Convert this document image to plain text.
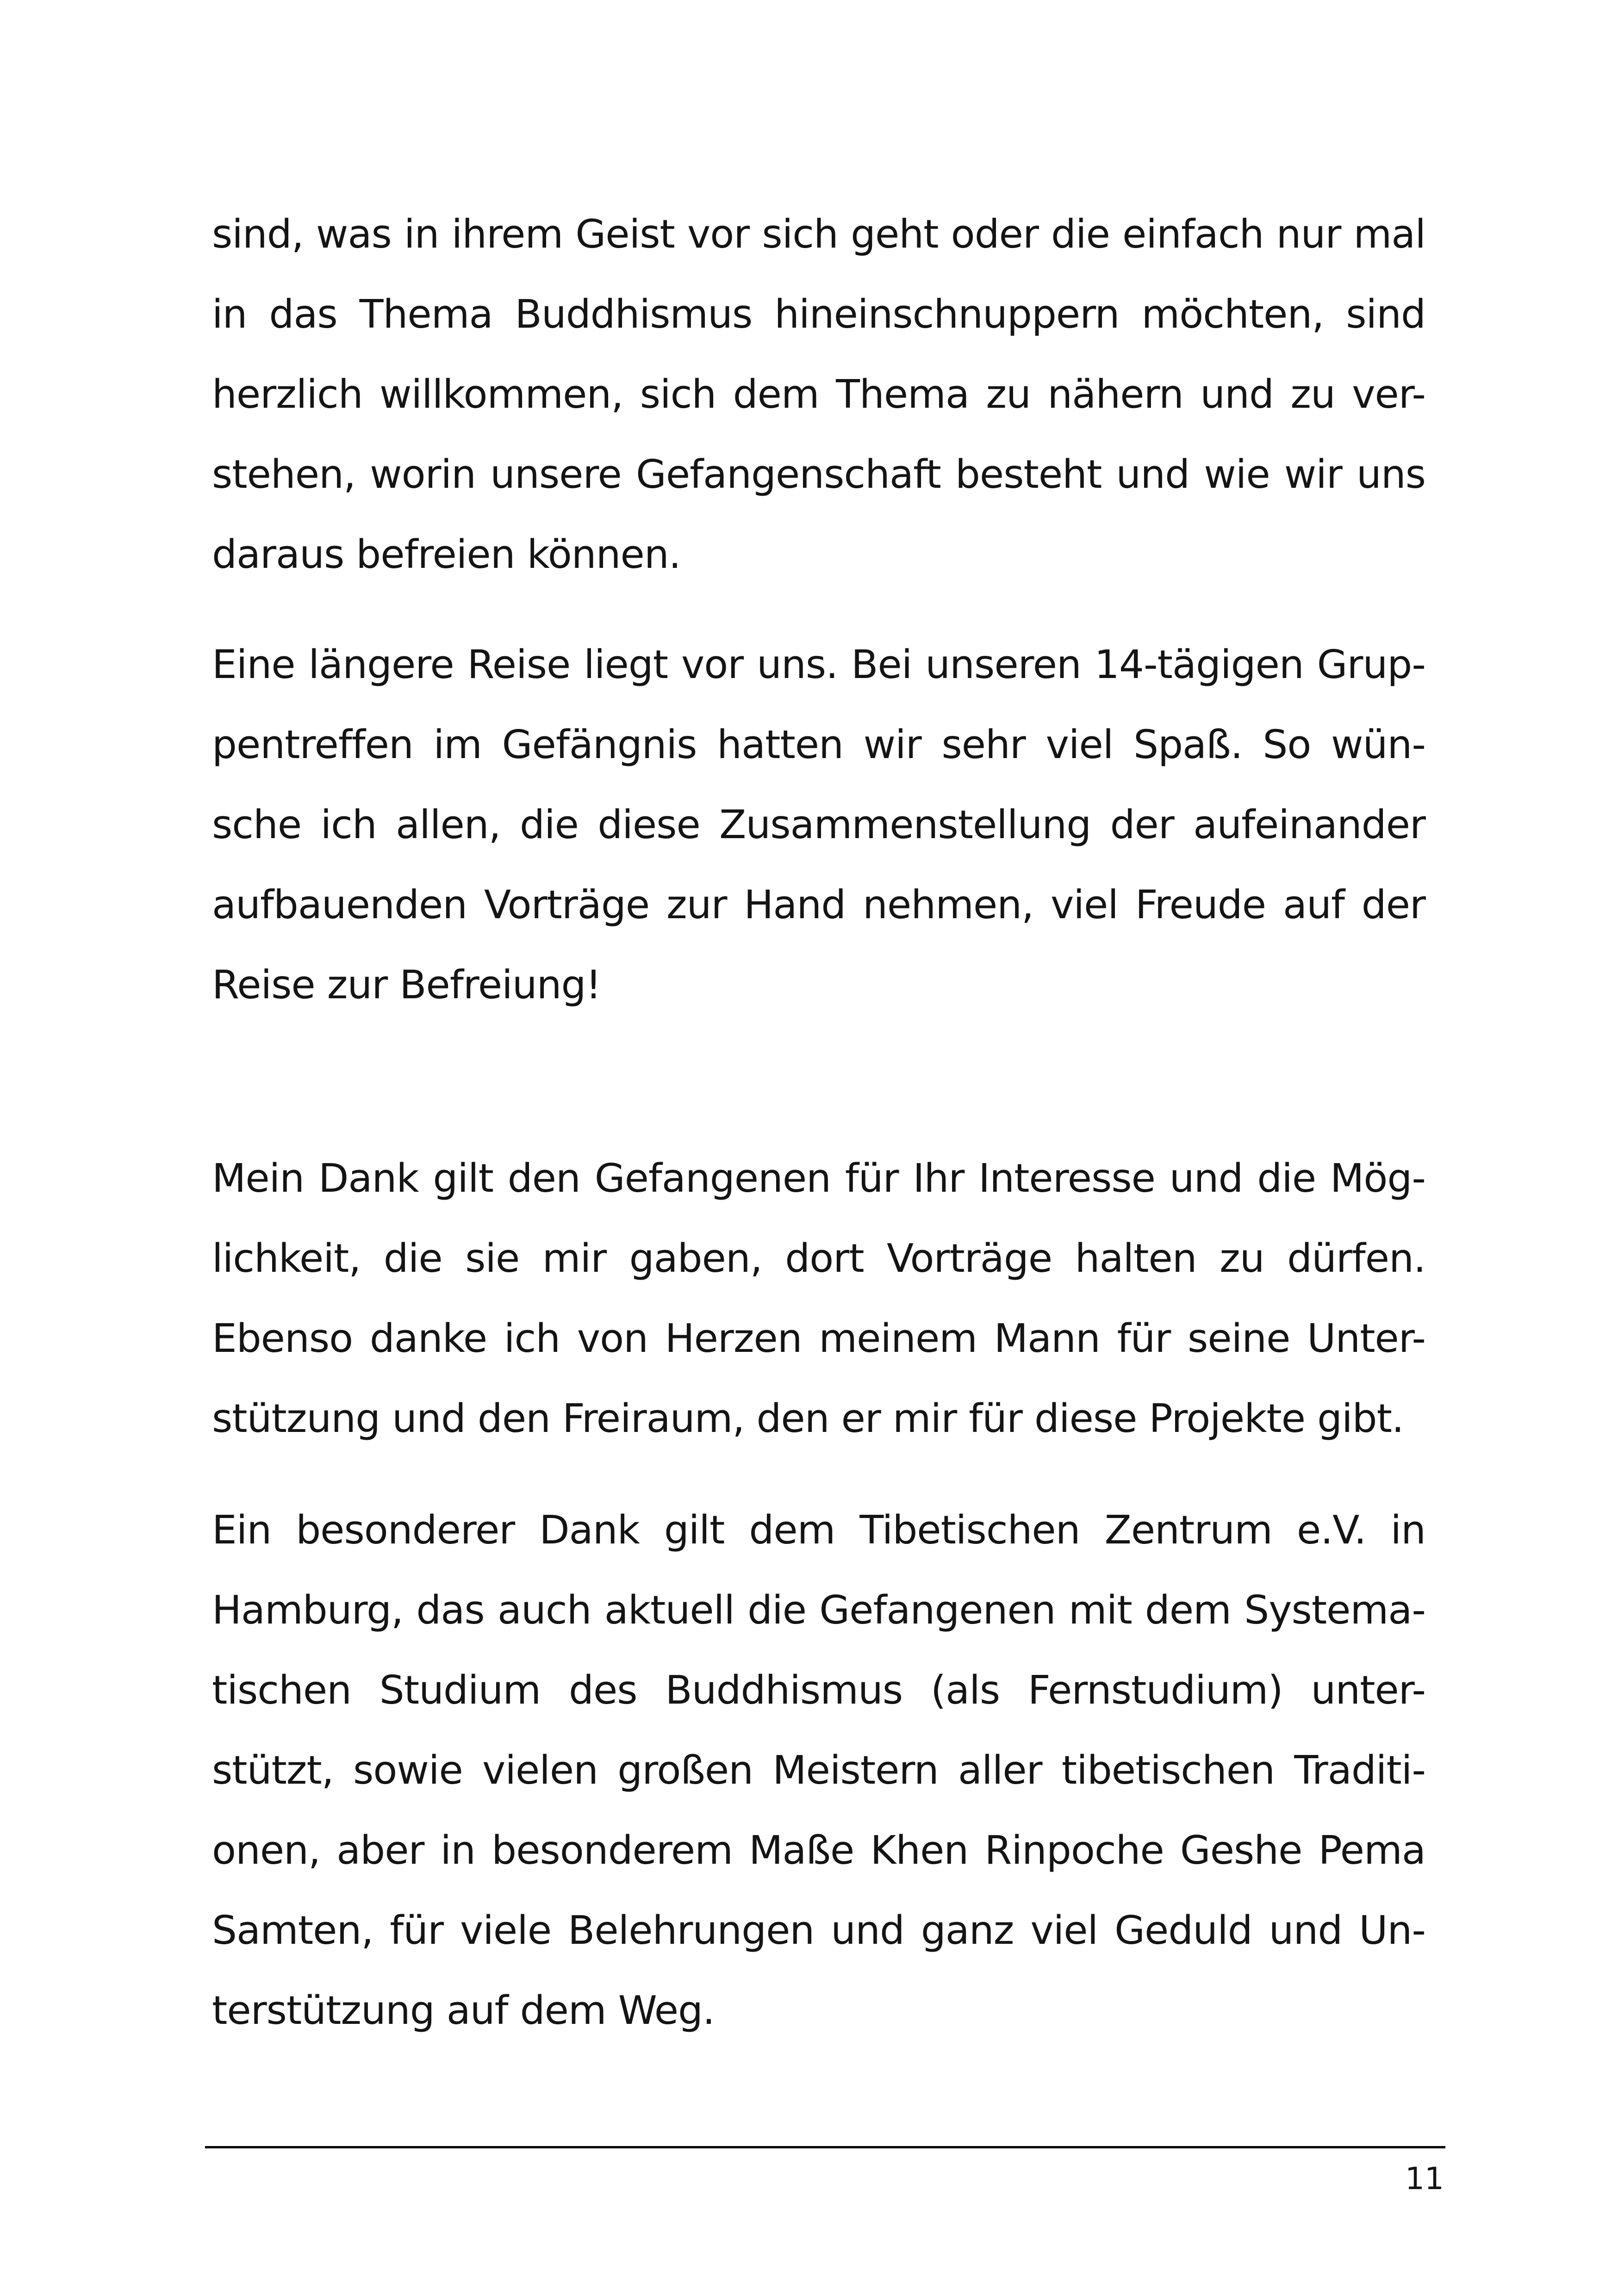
sind, was in ihrem Geist vor sich geht oder die einfach nur mal
in das Thema Buddhismus hineinschnuppern möchten, sind
herzlich willkommen, sich dem Thema zu nähern und zu ver-
stehen, worin unsere Gefangenschaft besteht und wie wir uns
daraus befreien können.
Eine längere Reise liegt vor uns. Bei unseren 14-tägigen Grup-
pentreffen im Gefängnis hatten wir sehr viel Spaß. So wün-
sche ich allen, die diese Zusammenstellung der aufeinander
aufbauenden Vorträge zur Hand nehmen, viel Freude auf der
Reise zur Befreiung!
Mein Dank gilt den Gefangenen für Ihr Interesse und die Mög-
lichkeit, die sie mir gaben, dort Vorträge halten zu dürfen.
Ebenso danke ich von Herzen meinem Mann für seine Unter-
stützung und den Freiraum, den er mir für diese Projekte gibt.
Ein besonderer Dank gilt dem Tibetischen Zentrum e.V. in
Hamburg, das auch aktuell die Gefangenen mit dem Systema-
tischen Studium des Buddhismus (als Fernstudium) unter-
stützt, sowie vielen großen Meistern aller tibetischen Traditi-
onen, aber in besonderem Maße Khen Rinpoche Geshe Pema
Samten, für viele Belehrungen und ganz viel Geduld und Un-
terstützung auf dem Weg.
11
